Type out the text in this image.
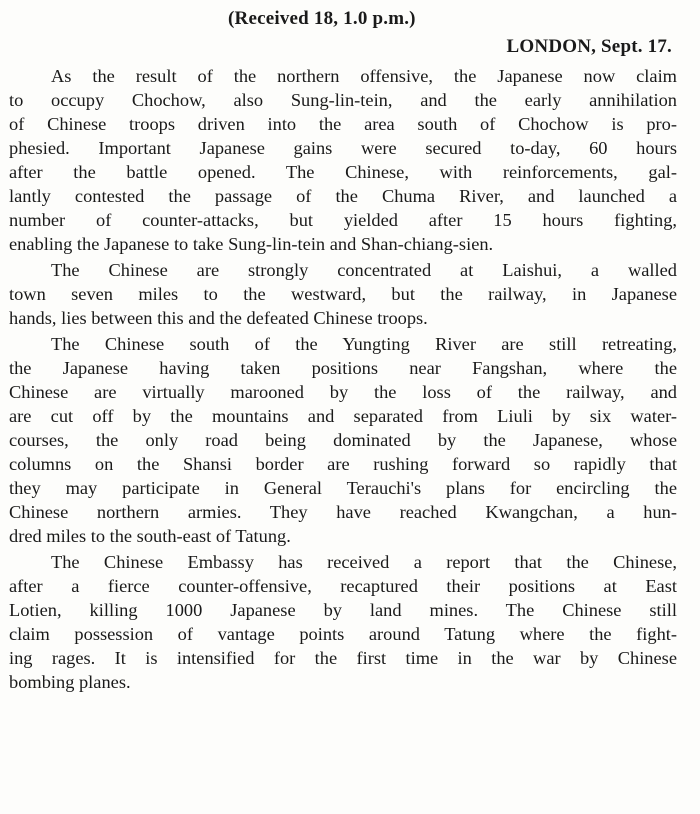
(Received 18, 1.0 p.m.)
LONDON, Sept. 17.
As the result of the northern offensive, the Japanese now claim
to occupy Chochow, also Sung-lin-tein, and the early annihilation
of Chinese troops driven into the area south of Chochow is pro-
phesied. Important Japanese gains were secured to-day, 60 hours
after the battle opened. The Chinese, with reinforcements, gal-
lantly contested the passage of the Chuma River, and launched a
number of counter-attacks, but yielded after 15 hours fighting,
enabling the Japanese to take Sung-lin-tein and Shan-chiang-sien.
The Chinese are strongly concentrated at Laishui, a walled
town seven miles to the westward, but the railway, in Japanese
hands, lies between this and the defeated Chinese troops.
The Chinese south of the Yungting River are still retreating,
the Japanese having taken positions near Fangshan, where the
Chinese are virtually marooned by the loss of the railway, and
are cut off by the mountains and separated from Liuli by six water-
courses, the only road being dominated by the Japanese, whose
columns on the Shansi border are rushing forward so rapidly that
they may participate in General Terauchi's plans for encircling the
Chinese northern armies. They have reached Kwangchan, a hun-
dred miles to the south-east of Tatung.
The Chinese Embassy has received a report that the Chinese,
after a fierce counter-offensive, recaptured their positions at East
Lotien, killing 1000 Japanese by land mines. The Chinese still
claim possession of vantage points around Tatung where the fight-
ing rages. It is intensified for the first time in the war by Chinese
bombing planes.
